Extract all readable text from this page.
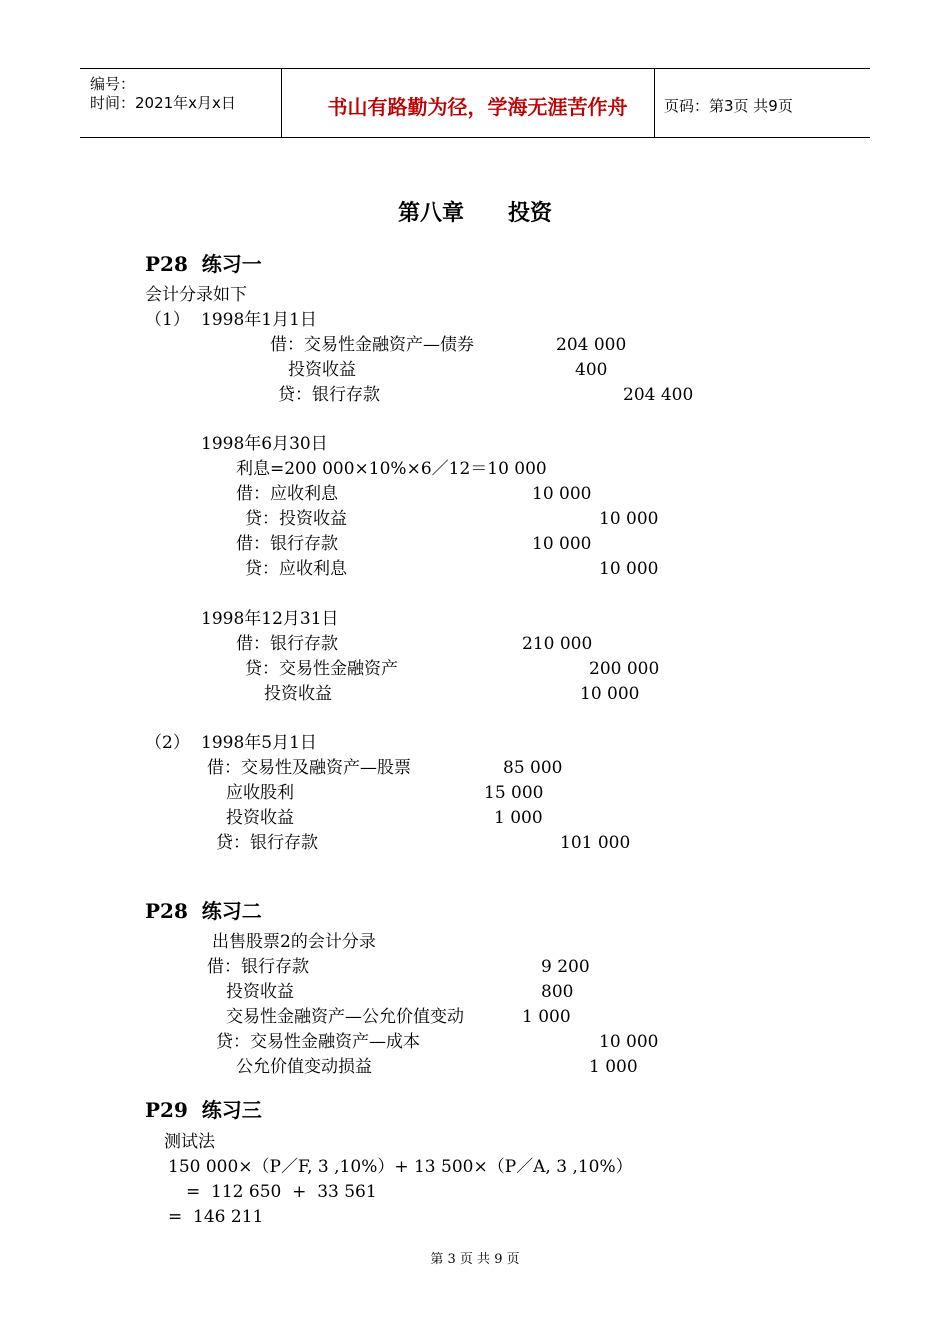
编号：
时间：2021年x月x日	书山有路勤为径，学海无涯苦作舟	页码：第3页 共9页
第八章　　投资
P28  练习一
P28  练习二
P29  练习三
会计分录如下
（1） 1998年1月1日
借：交易性金融资产—债券	204 000
投资收益	400
贷：银行存款	204 400
1998年6月30日
利息=200 000×10%×6／12＝10 000
借：应收利息	10 000
贷：投资收益	10 000
借：银行存款	10 000
贷：应收利息	10 000
1998年12月31日
借：银行存款	210 000
贷：交易性金融资产	200 000
投资收益	10 000
（2） 1998年5月1日
借：交易性及融资产—股票	85 000
应收股利	15 000
投资收益	1 000
贷：银行存款	101 000
出售股票2的会计分录
借：银行存款	9 200
投资收益	800
交易性金融资产—公允价值变动	1 000
贷：交易性金融资产—成本	10 000
公允价值变动损益	1 000
测试法
150 000×（P／F, 3 ,10%）+ 13 500×（P／A, 3 ,10%）
=  112 650  +  33 561
=  146 211
第 3 页 共 9 页
